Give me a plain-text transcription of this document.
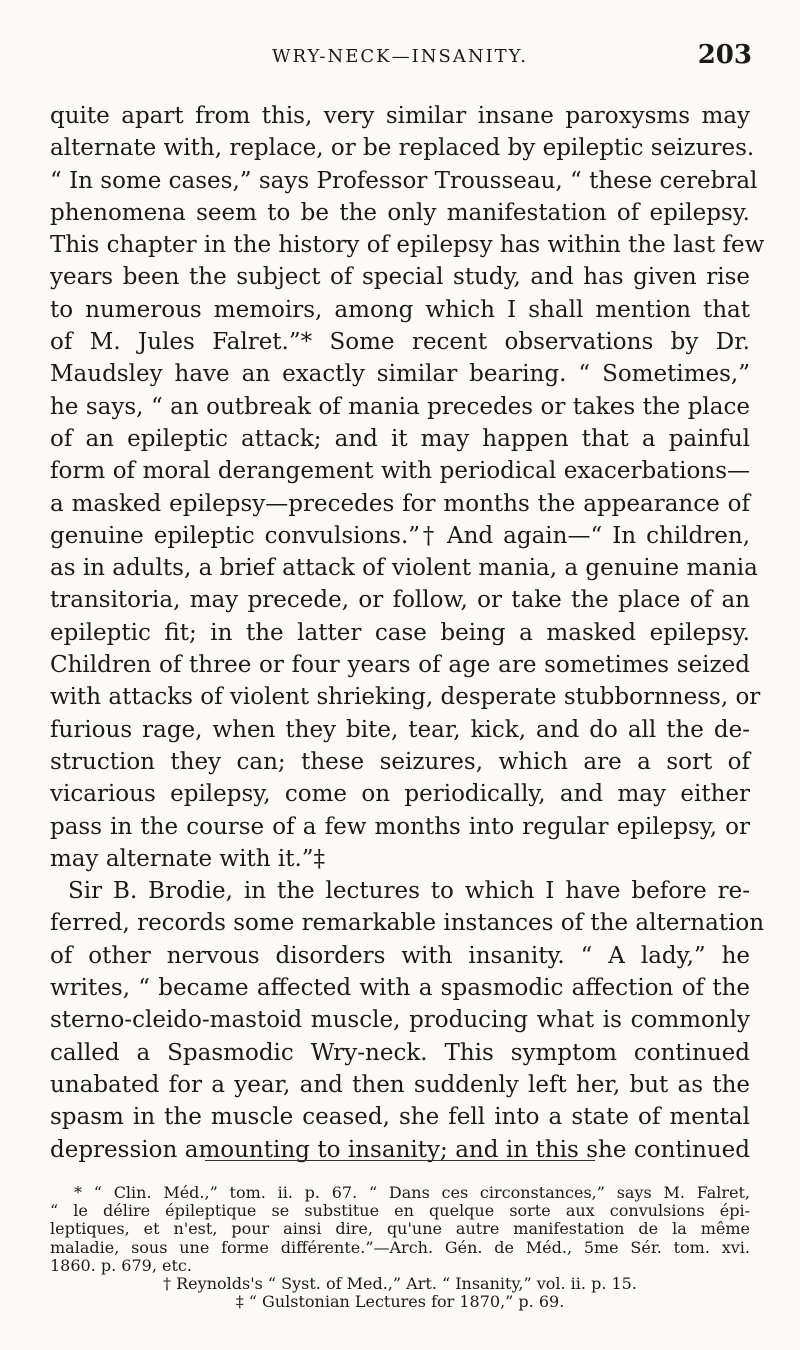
WRY-NECK—INSANITY.	203
quite apart from this, very similar insane paroxysms may
alternate with, replace, or be replaced by epileptic seizures.
“ In some cases,” says Professor Trousseau, “ these cerebral
phenomena seem to be the only manifestation of epilepsy.
This chapter in the history of epilepsy has within the last few
years been the subject of special study, and has given rise
to numerous memoirs, among which I shall mention that
of M. Jules Falret.”* Some recent observations by Dr.
Maudsley have an exactly similar bearing. “ Sometimes,”
he says, “ an outbreak of mania precedes or takes the place
of an epileptic attack; and it may happen that a painful
form of moral derangement with periodical exacerbations—
a masked epilepsy—precedes for months the appearance of
genuine epileptic convulsions.”† And again—“ In children,
as in adults, a brief attack of violent mania, a genuine mania
transitoria, may precede, or follow, or take the place of an
epileptic fit; in the latter case being a masked epilepsy.
Children of three or four years of age are sometimes seized
with attacks of violent shrieking, desperate stubbornness, or
furious rage, when they bite, tear, kick, and do all the de-
struction they can; these seizures, which are a sort of
vicarious epilepsy, come on periodically, and may either
pass in the course of a few months into regular epilepsy, or
may alternate with it.”‡
Sir B. Brodie, in the lectures to which I have before re-
ferred, records some remarkable instances of the alternation
of other nervous disorders with insanity. “ A lady,” he
writes, “ became affected with a spasmodic affection of the
sterno-cleido-mastoid muscle, producing what is commonly
called a Spasmodic Wry-neck. This symptom continued
unabated for a year, and then suddenly left her, but as the
spasm in the muscle ceased, she fell into a state of mental
depression amounting to insanity; and in this she continued
* “ Clin. Méd.,” tom. ii. p. 67. “ Dans ces circonstances,” says M. Falret,
“ le délire épileptique se substitue en quelque sorte aux convulsions épi-
leptiques, et n'est, pour ainsi dire, qu'une autre manifestation de la même
maladie, sous une forme différente.”—Arch. Gén. de Méd., 5me Sér. tom. xvi.
1860. p. 679, etc.
† Reynolds's “ Syst. of Med.,” Art. “ Insanity,” vol. ii. p. 15.
‡ “ Gulstonian Lectures for 1870,” p. 69.
